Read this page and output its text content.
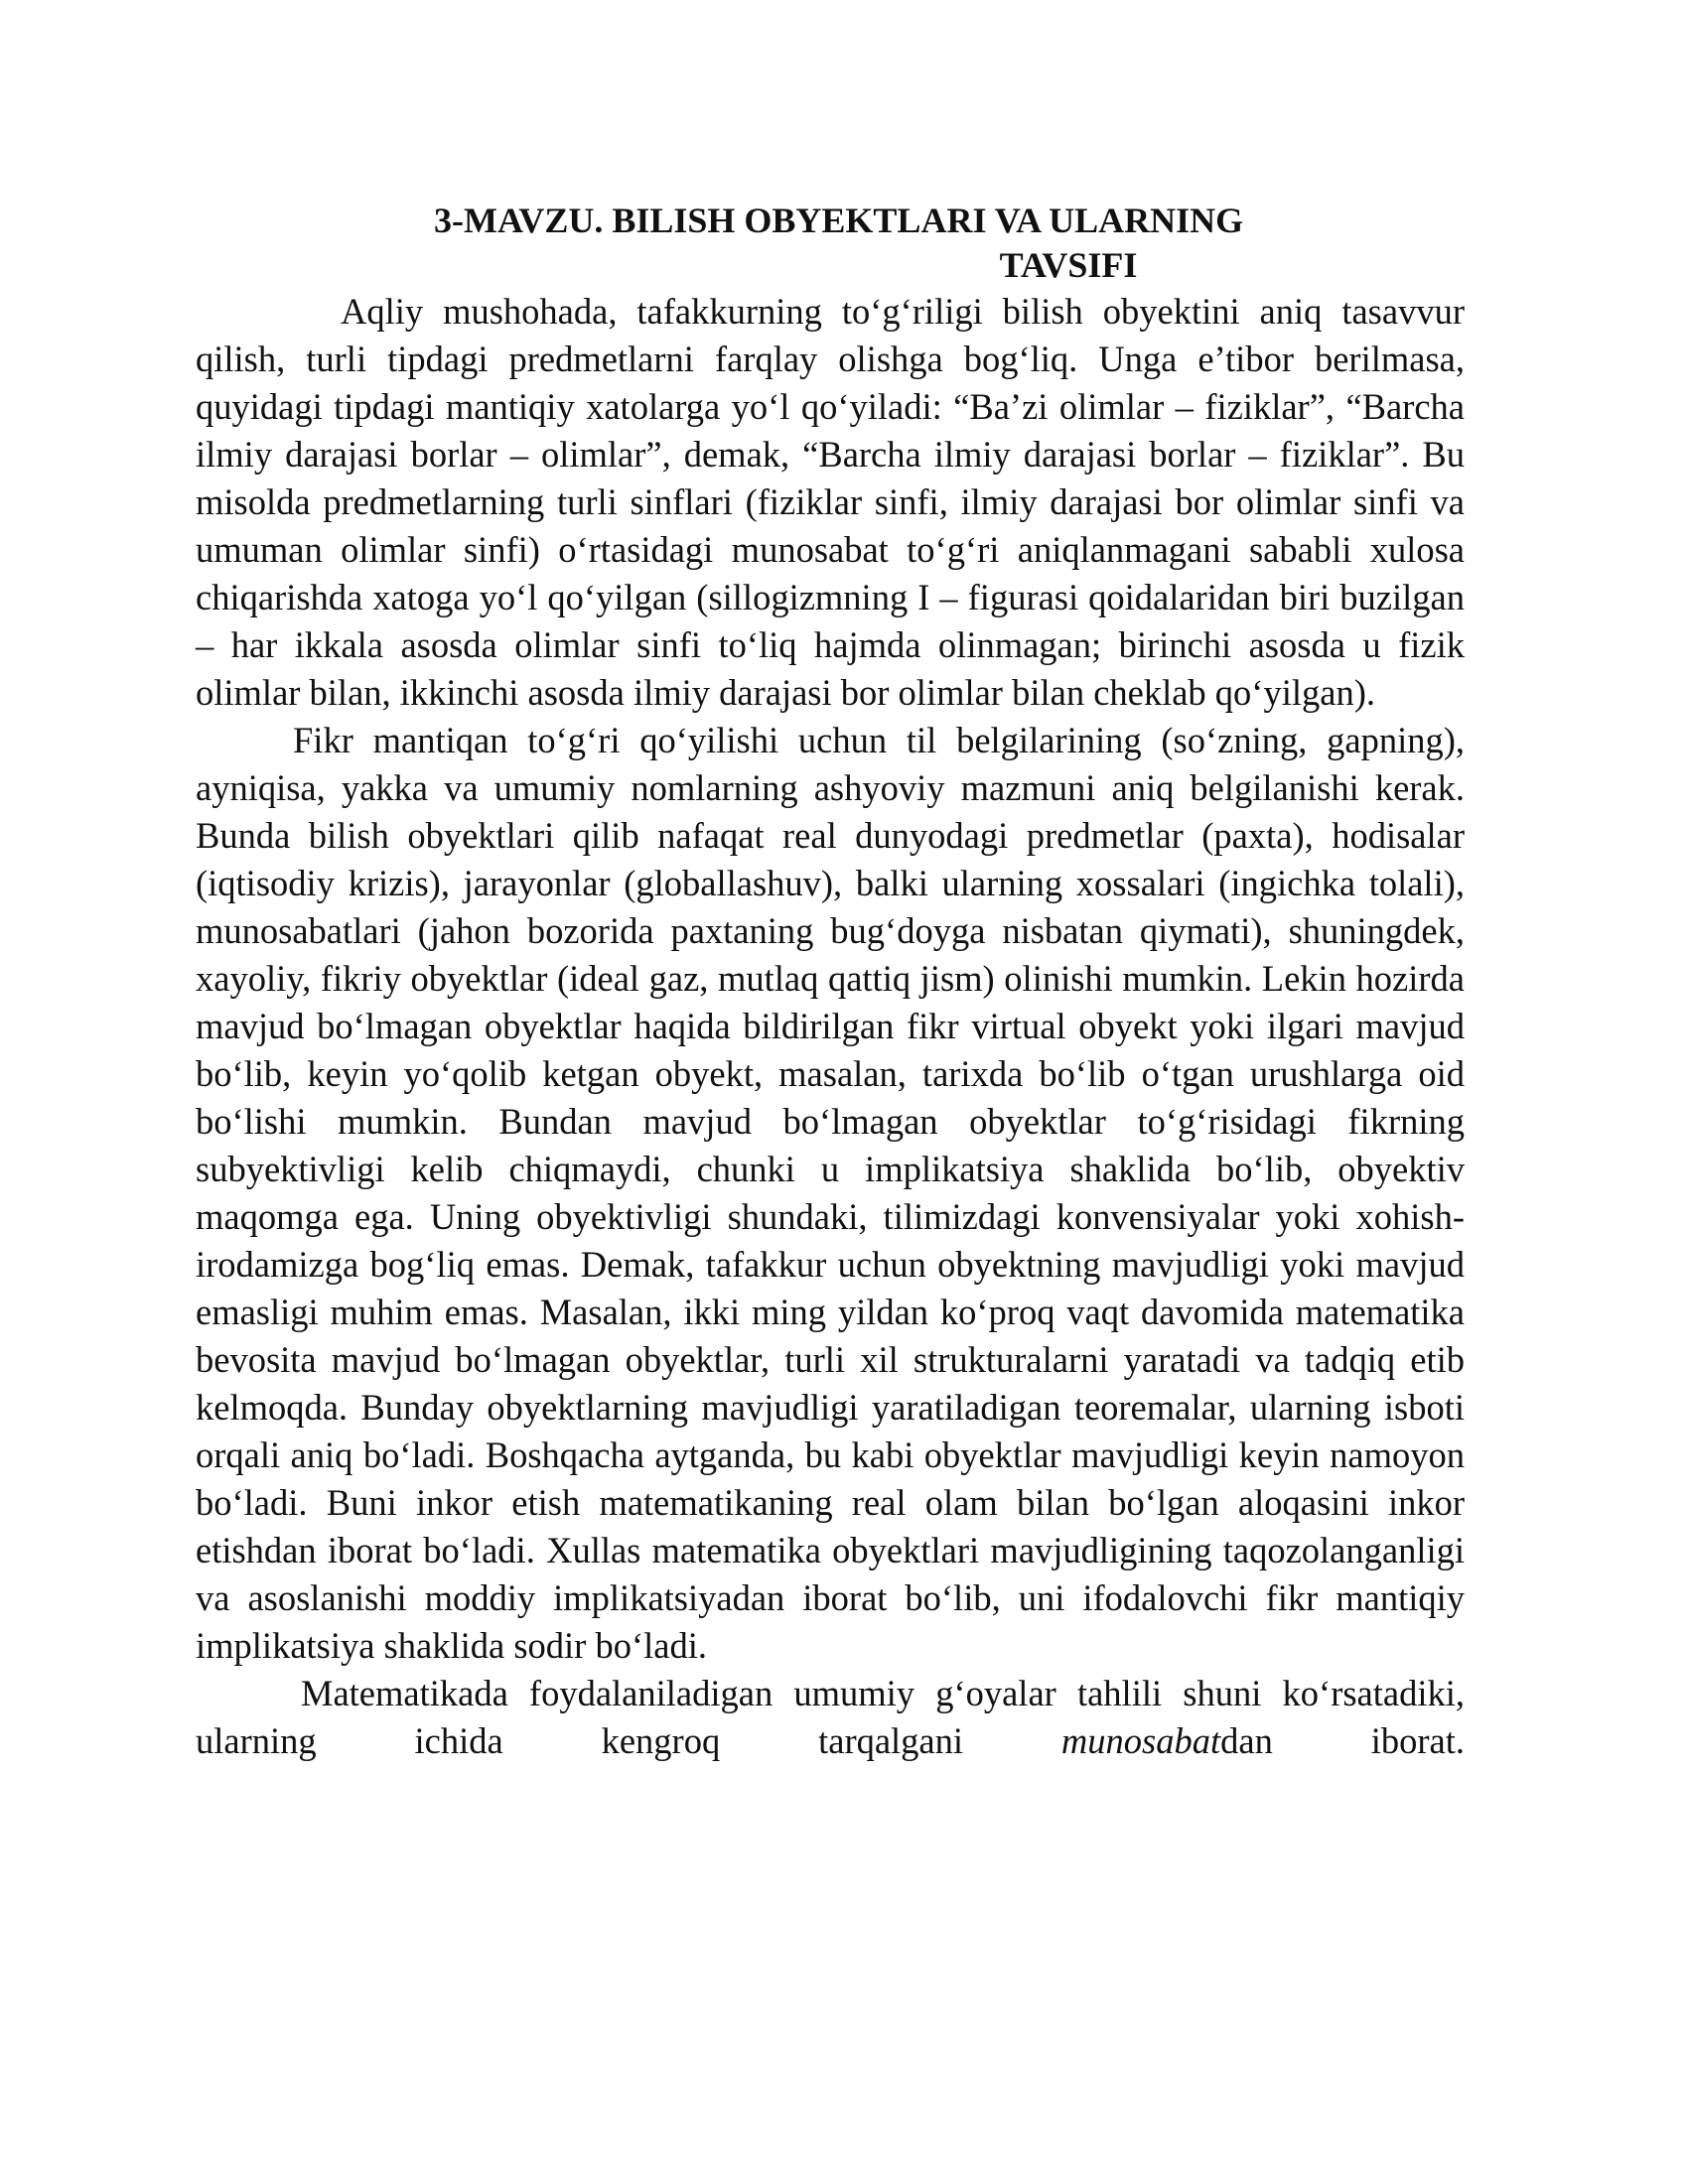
3-MAVZU. BILISH OBYEKTLARI VA ULARNING
TAVSIFI

Aqliy mushohada, tafakkurning to‘g‘riligi bilish obyektini aniq tasavvur qilish, turli tipdagi predmetlarni farqlay olishga bog‘liq. Unga e’tibor berilmasa, quyidagi tipdagi mantiqiy xatolarga yo‘l qo‘yiladi: “Ba’zi olimlar – fiziklar”, “Barcha ilmiy darajasi borlar – olimlar”, demak, “Barcha ilmiy darajasi borlar – fiziklar”. Bu misolda predmetlarning turli sinflari (fiziklar sinfi, ilmiy darajasi bor olimlar sinfi va umuman olimlar sinfi) o‘rtasidagi munosabat to‘g‘ri aniqlanmagani sababli xulosa chiqarishda xatoga yo‘l qo‘yilgan (sillogizmning I – figurasi qoidalaridan biri buzilgan – har ikkala asosda olimlar sinfi to‘liq hajmda olinmagan; birinchi asosda u fizik olimlar bilan, ikkinchi asosda ilmiy darajasi bor olimlar bilan cheklab qo‘yilgan).

Fikr mantiqan to‘g‘ri qo‘yilishi uchun til belgilarining (so‘zning, gapning), ayniqisa, yakka va umumiy nomlarning ashyoviy mazmuni aniq belgilanishi kerak. Bunda bilish obyektlari qilib nafaqat real dunyodagi predmetlar (paxta), hodisalar (iqtisodiy krizis), jarayonlar (globallashuv), balki ularning xossalari (ingichka tolali), munosabatlari (jahon bozorida paxtaning bug‘doyga nisbatan qiymati), shuningdek, xayoliy, fikriy obyektlar (ideal gaz, mutlaq qattiq jism) olinishi mumkin. Lekin hozirda mavjud bo‘lmagan obyektlar haqida bildirilgan fikr virtual obyekt yoki ilgari mavjud bo‘lib, keyin yo‘qolib ketgan obyekt, masalan, tarixda bo‘lib o‘tgan urushlarga oid bo‘lishi mumkin. Bundan mavjud bo‘lmagan obyektlar to‘g‘risidagi fikrning subyektivligi kelib chiqmaydi, chunki u implikatsiya shaklida bo‘lib, obyektiv maqomga ega. Uning obyektivligi shundaki, tilimizdagi konvensiyalar yoki xohish-irodamizga bog‘liq emas. Demak, tafakkur uchun obyektning mavjudligi yoki mavjud emasligi muhim emas. Masalan, ikki ming yildan ko‘proq vaqt davomida matematika bevosita mavjud bo‘lmagan obyektlar, turli xil strukturalarni yaratadi va tadqiq etib kelmoqda. Bunday obyektlarning mavjudligi yaratiladigan teoremalar, ularning isboti orqali aniq bo‘ladi. Boshqacha aytganda, bu kabi obyektlar mavjudligi keyin namoyon bo‘ladi. Buni inkor etish matematikaning real olam bilan bo‘lgan aloqasini inkor etishdan iborat bo‘ladi. Xullas matematika obyektlari mavjudligining taqozolanganligi va asoslanishi moddiy implikatsiyadan iborat bo‘lib, uni ifodalovchi fikr mantiqiy implikatsiya shaklida sodir bo‘ladi.

Matematikada foydalaniladigan umumiy g‘oyalar tahlili shuni ko‘rsatadiki, ularning ichida kengroq tarqalgani munosabatdan iborat.
